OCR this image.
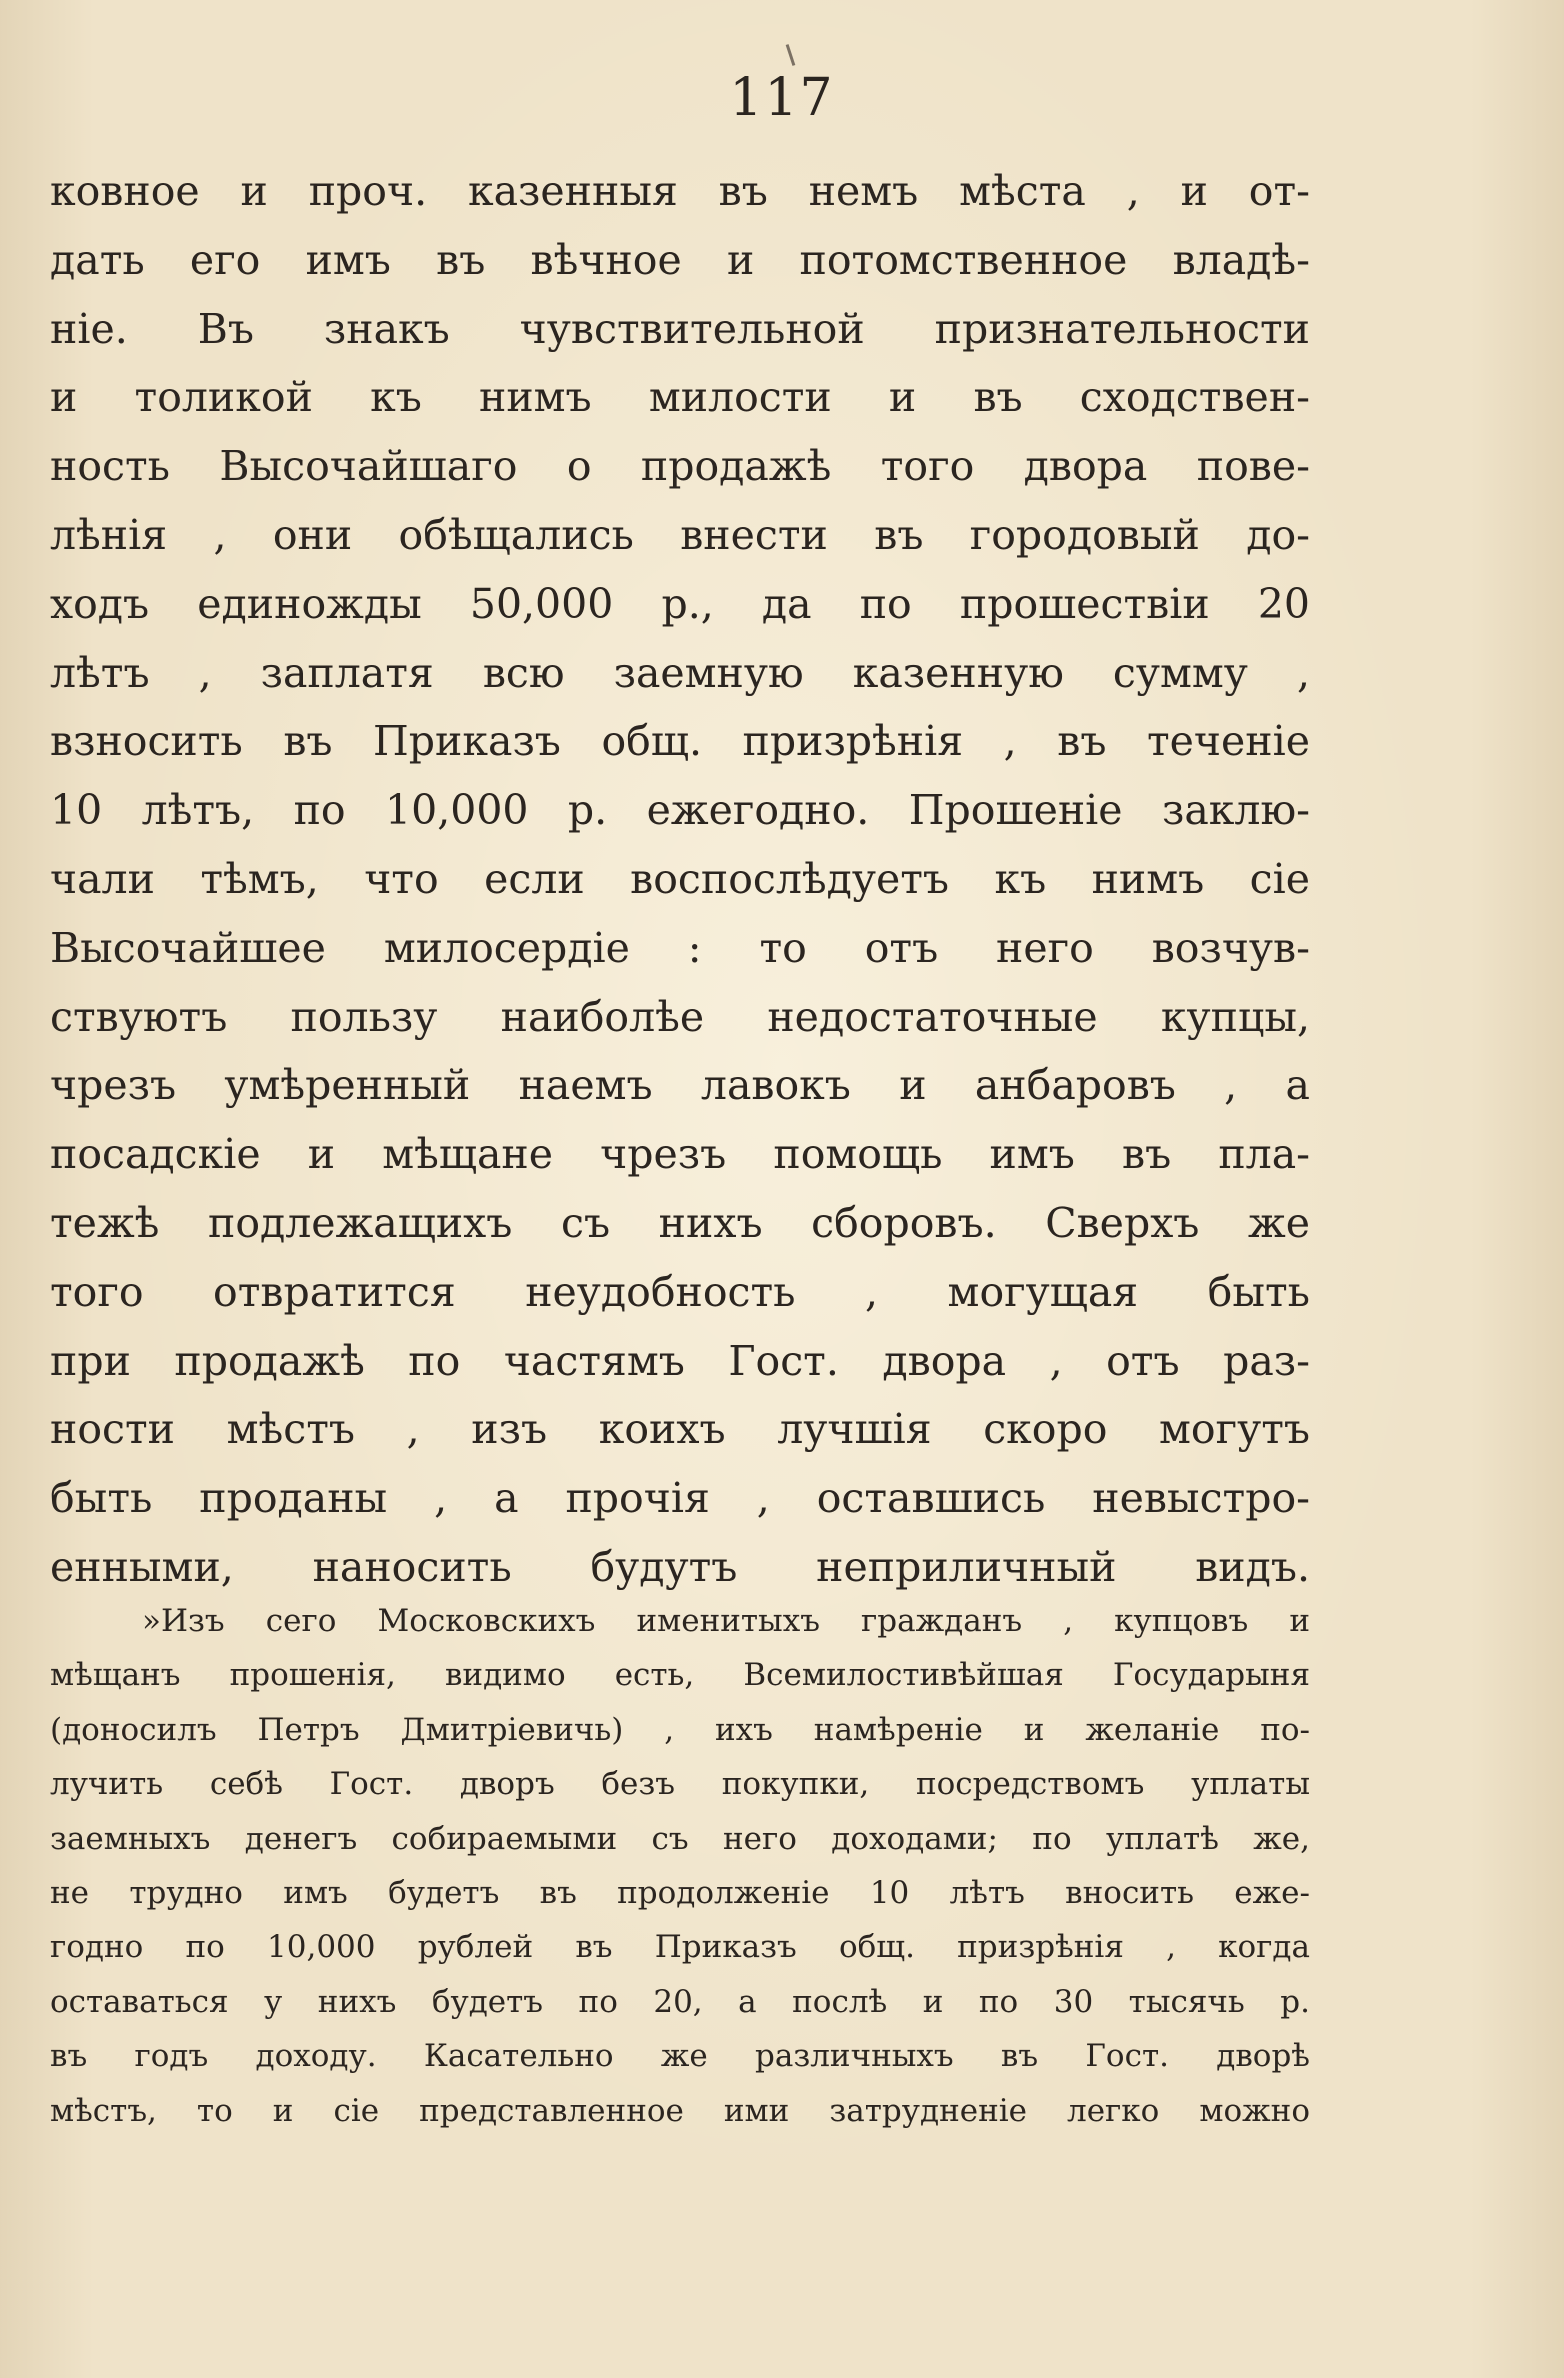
117
ковное и проч. казенныя въ немъ мѣста , и от-
дать его имъ въ вѣчное и потомственное владѣ-
ніе. Въ знакъ чувствительной признательности
и толикой къ нимъ милости и въ сходствен-
ность Высочайшаго о продажѣ того двора пове-
лѣнія , они обѣщались внести въ городовый до-
ходъ единожды 50,000 р., да по прошествіи 20
лѣтъ , заплатя всю заемную казенную сумму ,
взносить въ Приказъ общ. призрѣнія , въ теченіе
10 лѣтъ, по 10,000 р. ежегодно. Прошеніе заклю-
чали тѣмъ, что если воспослѣдуетъ къ нимъ сіе
Высочайшее милосердіе : то отъ него возчув-
ствуютъ пользу наиболѣе недостаточные купцы,
чрезъ умѣренный наемъ лавокъ и анбаровъ , а
посадскіе и мѣщане чрезъ помощь имъ въ пла-
тежѣ подлежащихъ съ нихъ сборовъ. Сверхъ же
того отвратится неудобность , могущая быть
при продажѣ по частямъ Гост. двора , отъ раз-
ности мѣстъ , изъ коихъ лучшія скоро могутъ
быть проданы , а прочія , оставшись невыстро-
енными, наносить будутъ неприличный видъ.
»Изъ сего Московскихъ именитыхъ гражданъ , купцовъ и
мѣщанъ прошенія, видимо есть, Всемилостивѣйшая Государыня
(доносилъ Петръ Дмитріевичь) , ихъ намѣреніе и желаніе по-
лучить себѣ Гост. дворъ безъ покупки, посредствомъ уплаты
заемныхъ денегъ собираемыми съ него доходами; по уплатѣ же,
не трудно имъ будетъ въ продолженіе 10 лѣтъ вносить еже-
годно по 10,000 рублей въ Приказъ общ. призрѣнія , когда
оставаться у нихъ будетъ по 20, а послѣ и по 30 тысячь р.
въ годъ доходу. Касательно же различныхъ въ Гост. дворѣ
мѣстъ, то и сіе представленное ими затрудненіе легко можно
